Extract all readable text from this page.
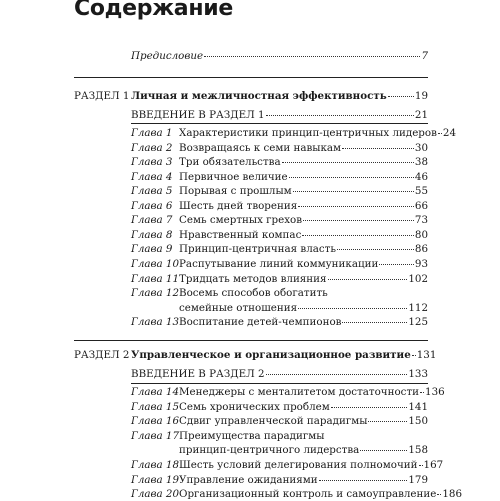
Содержание
Предисловие	7
РАЗДЕЛ 1 Личная и межличностная эффективность	19
ВВЕДЕНИЕ В РАЗДЕЛ 1	21
Глава 1 Характеристики принцип-центричных лидеров 24
Глава 2 Возвращаясь к семи навыкам	30
Глава 3 Три обязательства	38
Глава 4 Первичное величие	46
Глава 5 Порывая с прошлым	55
Глава 6 Шесть дней творения	66
Глава 7 Семь смертных грехов	73
Глава 8 Нравственный компас	80
Глава 9 Принцип-центричная власть	86
Глава 10 Распутывание линий коммуникации	93
Глава 11 Тридцать методов влияния	102
Глава 12 Восемь способов обогатить
семейные отношения	112
Глава 13 Воспитание детей-чемпионов	125
РАЗДЕЛ 2 Управленческое и организационное развитие 131
ВВЕДЕНИЕ В РАЗДЕЛ 2	133
Глава 14 Менеджеры с менталитетом достаточности 136
Глава 15 Семь хронических проблем	141
Глава 16 Сдвиг управленческой парадигмы	150
Глава 17 Преимущества парадигмы
принцип-центричного лидерства	158
Глава 18 Шесть условий делегирования полномочий 167
Глава 19 Управление ожиданиями	179
Глава 20 Организационный контроль и самоуправление 186
